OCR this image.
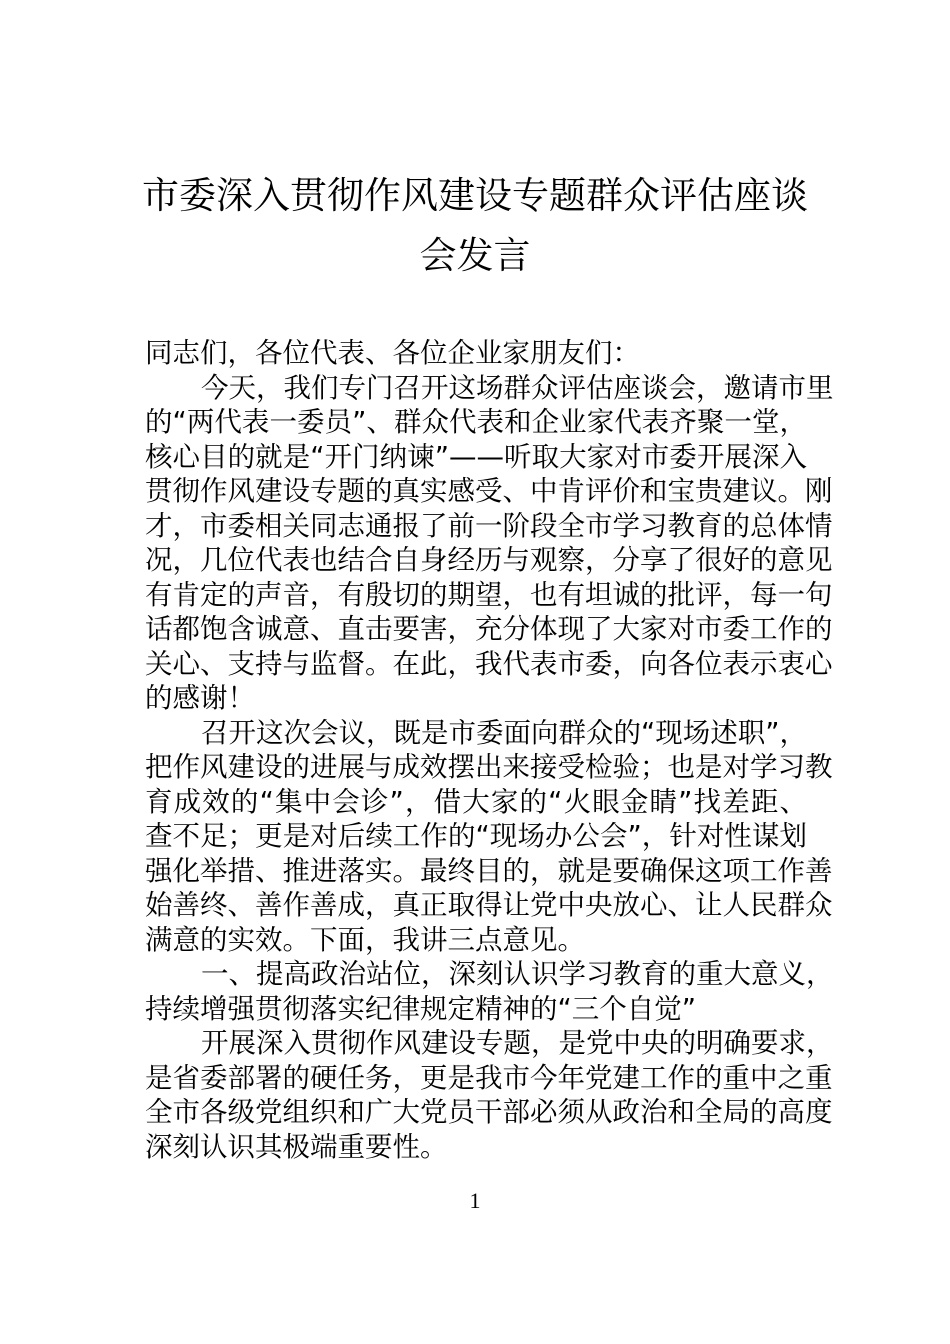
市委深入贯彻作风建设专题群众评估座谈
会发言
同志们，各位代表、各位企业家朋友们：
今天，我们专门召开这场群众评估座谈会，邀请市里
的“两代表一委员”、群众代表和企业家代表齐聚一堂，
核心目的就是“开门纳谏”——听取大家对市委开展深入
贯彻作风建设专题的真实感受、中肯评价和宝贵建议。刚
才，市委相关同志通报了前一阶段全市学习教育的总体情
况，几位代表也结合自身经历与观察，分享了很好的意见
有肯定的声音，有殷切的期望，也有坦诚的批评，每一句
话都饱含诚意、直击要害，充分体现了大家对市委工作的
关心、支持与监督。在此，我代表市委，向各位表示衷心
的感谢！
召开这次会议，既是市委面向群众的“现场述职”，
把作风建设的进展与成效摆出来接受检验；也是对学习教
育成效的“集中会诊”，借大家的“火眼金睛”找差距、
查不足；更是对后续工作的“现场办公会”，针对性谋划
强化举措、推进落实。最终目的，就是要确保这项工作善
始善终、善作善成，真正取得让党中央放心、让人民群众
满意的实效。下面，我讲三点意见。
一、提高政治站位，深刻认识学习教育的重大意义，
持续增强贯彻落实纪律规定精神的“三个自觉”
开展深入贯彻作风建设专题，是党中央的明确要求，
是省委部署的硬任务，更是我市今年党建工作的重中之重
全市各级党组织和广大党员干部必须从政治和全局的高度
深刻认识其极端重要性。
1
